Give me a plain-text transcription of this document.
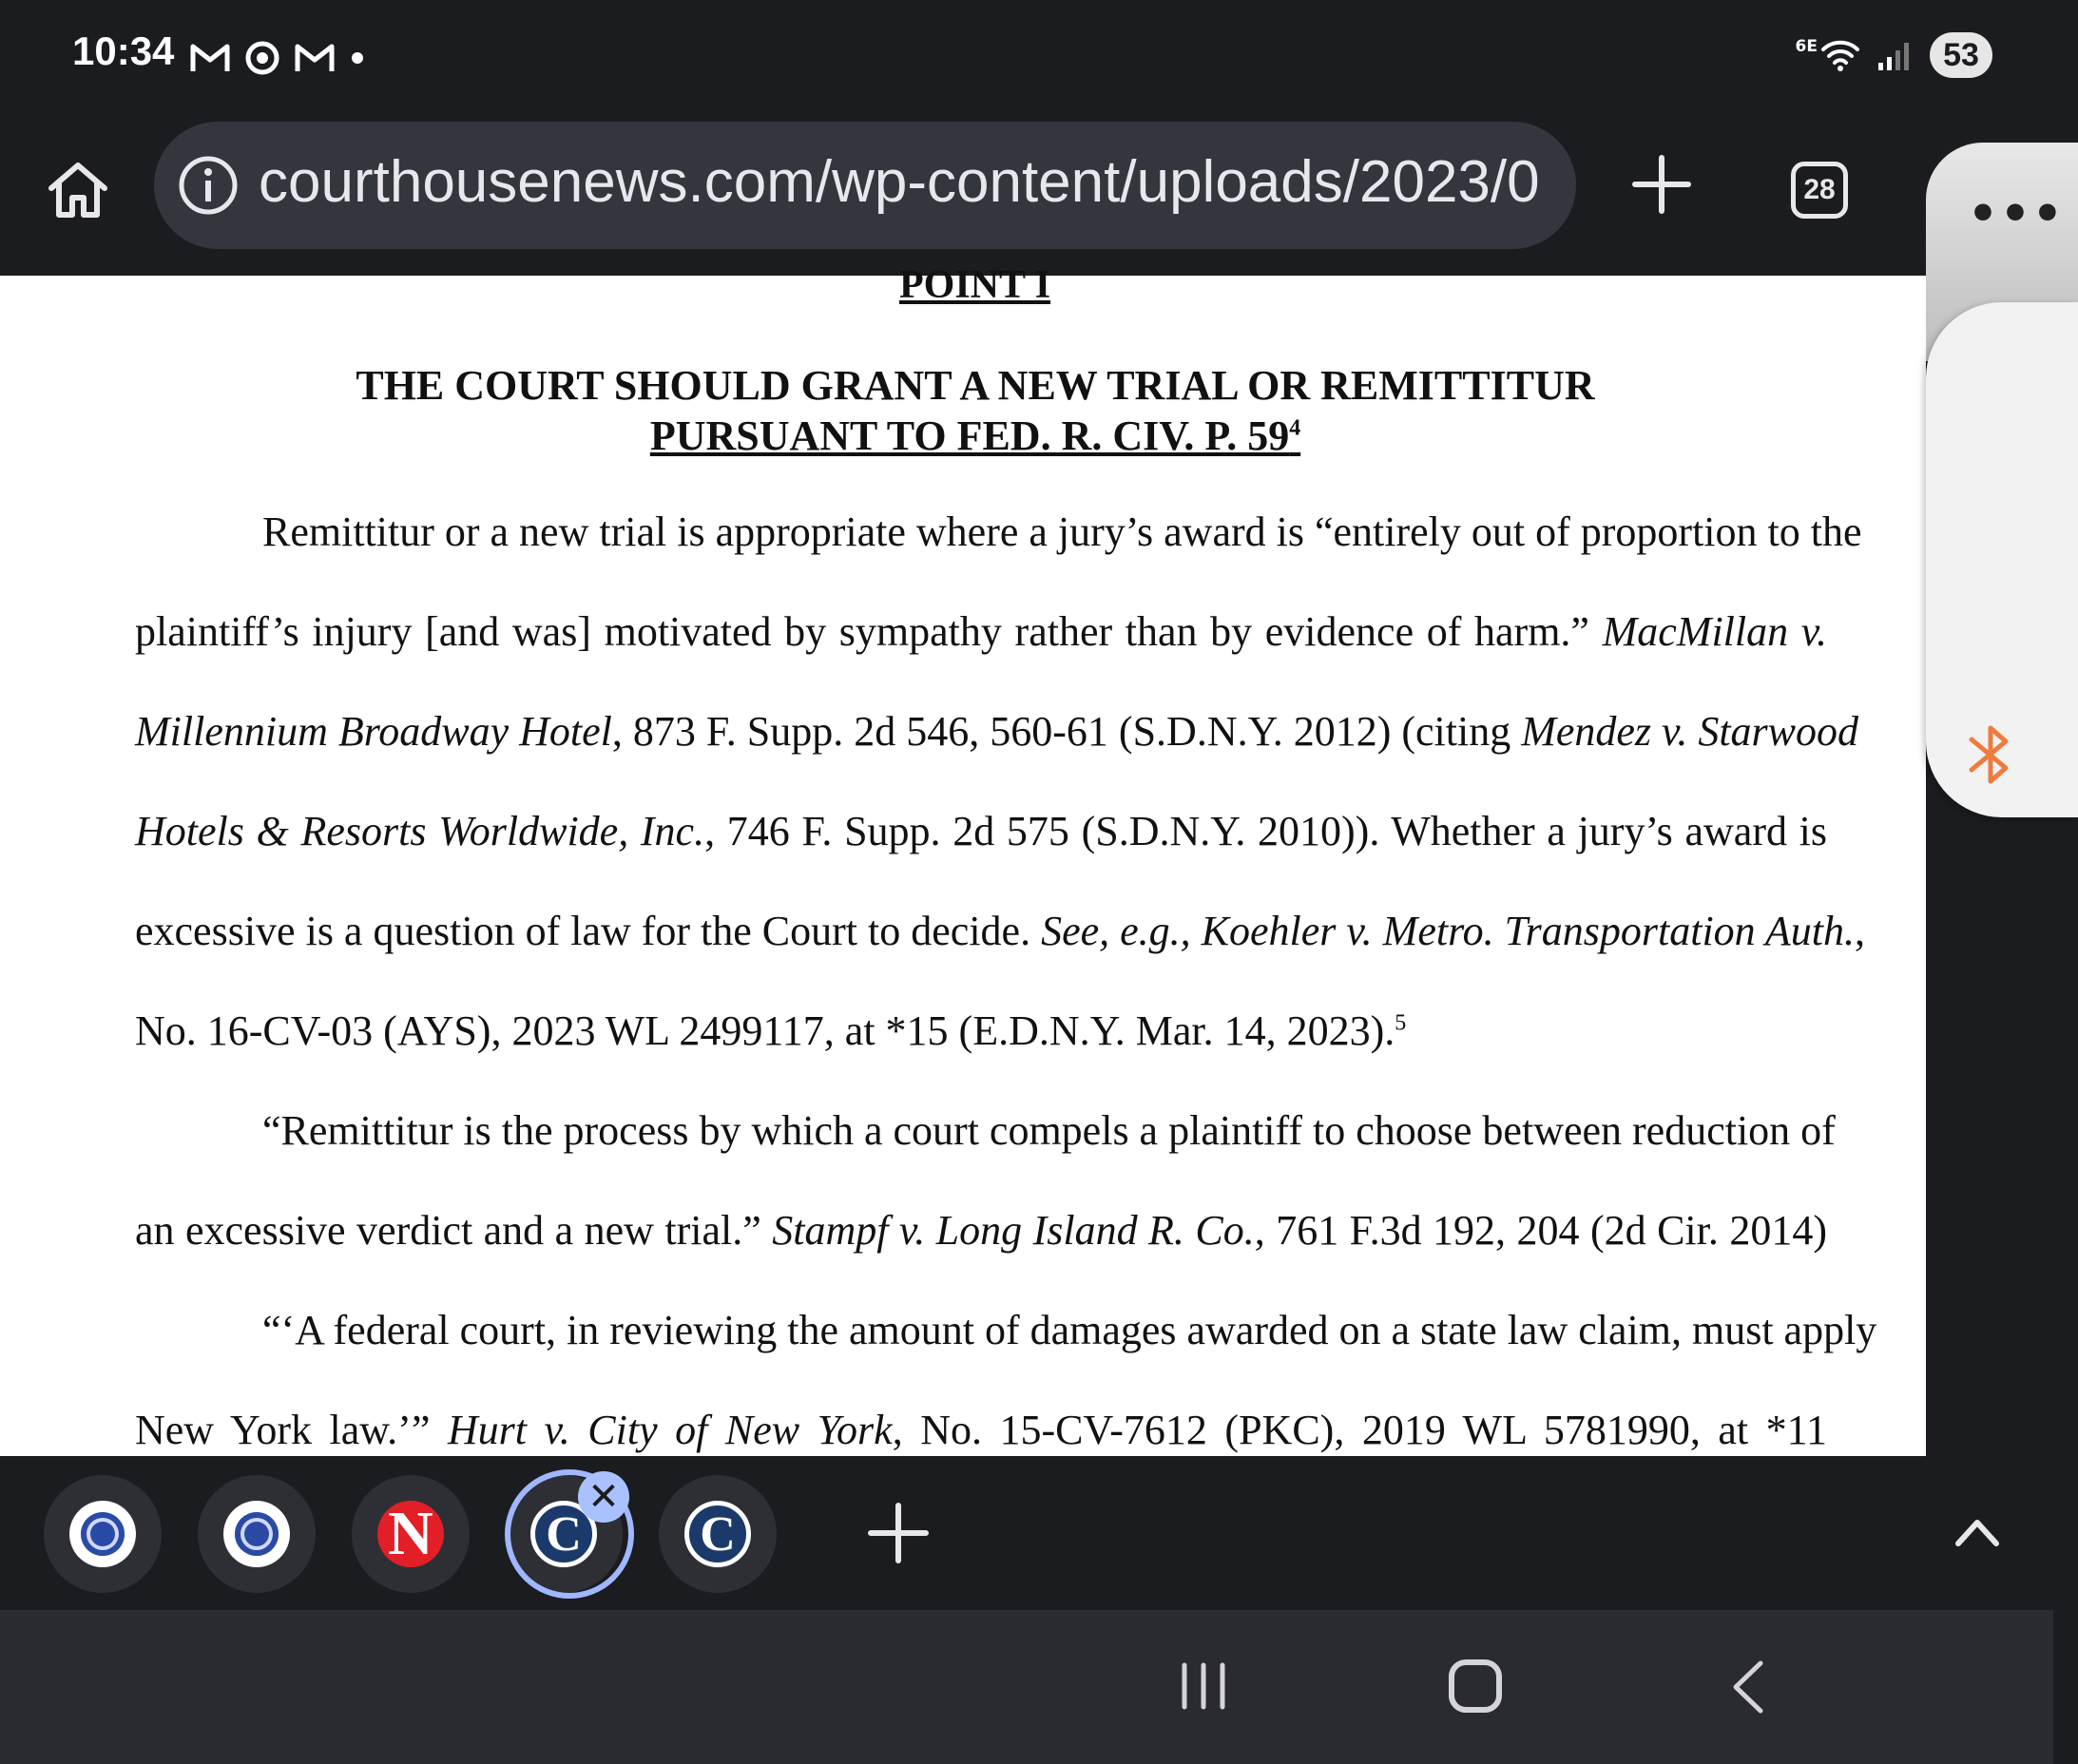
10:34	6E	53
courthousenews.com/wp-content/uploads/2023/0	28
POINT I
THE COURT SHOULD GRANT A NEW TRIAL OR REMITTITUR
PURSUANT TO FED. R. CIV. P. $59^4$
Remittitur or a new trial is appropriate where a jury’s award is “entirely out of proportion to the
plaintiff’s injury [and was] motivated by sympathy rather than by evidence of harm.” MacMillan v.
Millennium Broadway Hotel, 873 F. Supp. 2d 546, 560-61 (S.D.N.Y. 2012) (citing Mendez v. Starwood
Hotels & Resorts Worldwide, Inc., 746 F. Supp. 2d 575 (S.D.N.Y. 2010)). Whether a jury’s award is
excessive is a question of law for the Court to decide. See, e.g., Koehler v. Metro. Transportation Auth.,
No. 16-CV-03 (AYS), 2023 WL 2499117, at *15 (E.D.N.Y. Mar. 14, 2023).$^5$
“Remittitur is the process by which a court compels a plaintiff to choose between reduction of
an excessive verdict and a new trial.” Stampf v. Long Island R. Co., 761 F.3d 192, 204 (2d Cir. 2014)
“‘A federal court, in reviewing the amount of damages awarded on a state law claim, must apply
New York law.’” Hurt v. City of New York, No. 15-CV-7612 (PKC), 2019 WL 5781990, at *11
•••
N	C	C
✕
